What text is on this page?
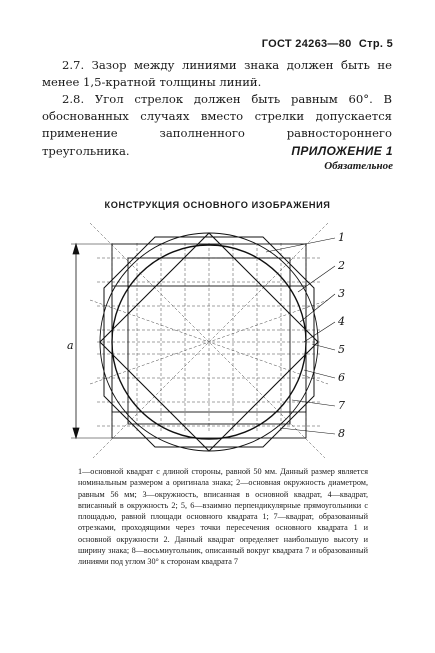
ГОСТ 24263—80 Стр. 5
2.7. Зазор между линиями знака должен быть не менее 1,5-кратной толщины линий.
2.8. Угол стрелок должен быть равным 60°. В обоснованных случаях вместо стрелки допускается применение заполненного равностороннего треугольника.	ПРИЛОЖЕНИЕ 1
Обязательное
КОНСТРУКЦИЯ ОСНОВНОГО ИЗОБРАЖЕНИЯ
a
1
2
3
4
5
6
7
8
1—основной квадрат с длиной стороны, равной 50 мм. Данный размер является номинальным размером a оригинала знака; 2—основная окружность диаметром, равным 56 мм; 3—окружность, вписанная в основной квадрат, 4—квадрат, вписанный в окружность 2; 5, 6—взаимно перпендикулярные прямоугольники с площадью, равной площади основного квадрата 1; 7—квадрат, образованный отрезками, проходящими через точки пересечения основного квадрата 1 и основной окружности 2. Данный квадрат определяет наибольшую высоту и ширину знака; 8—восьмиугольник, описанный вокруг квадрата 7 и образованный линиями под углом 30° к сторонам квадрата 7
